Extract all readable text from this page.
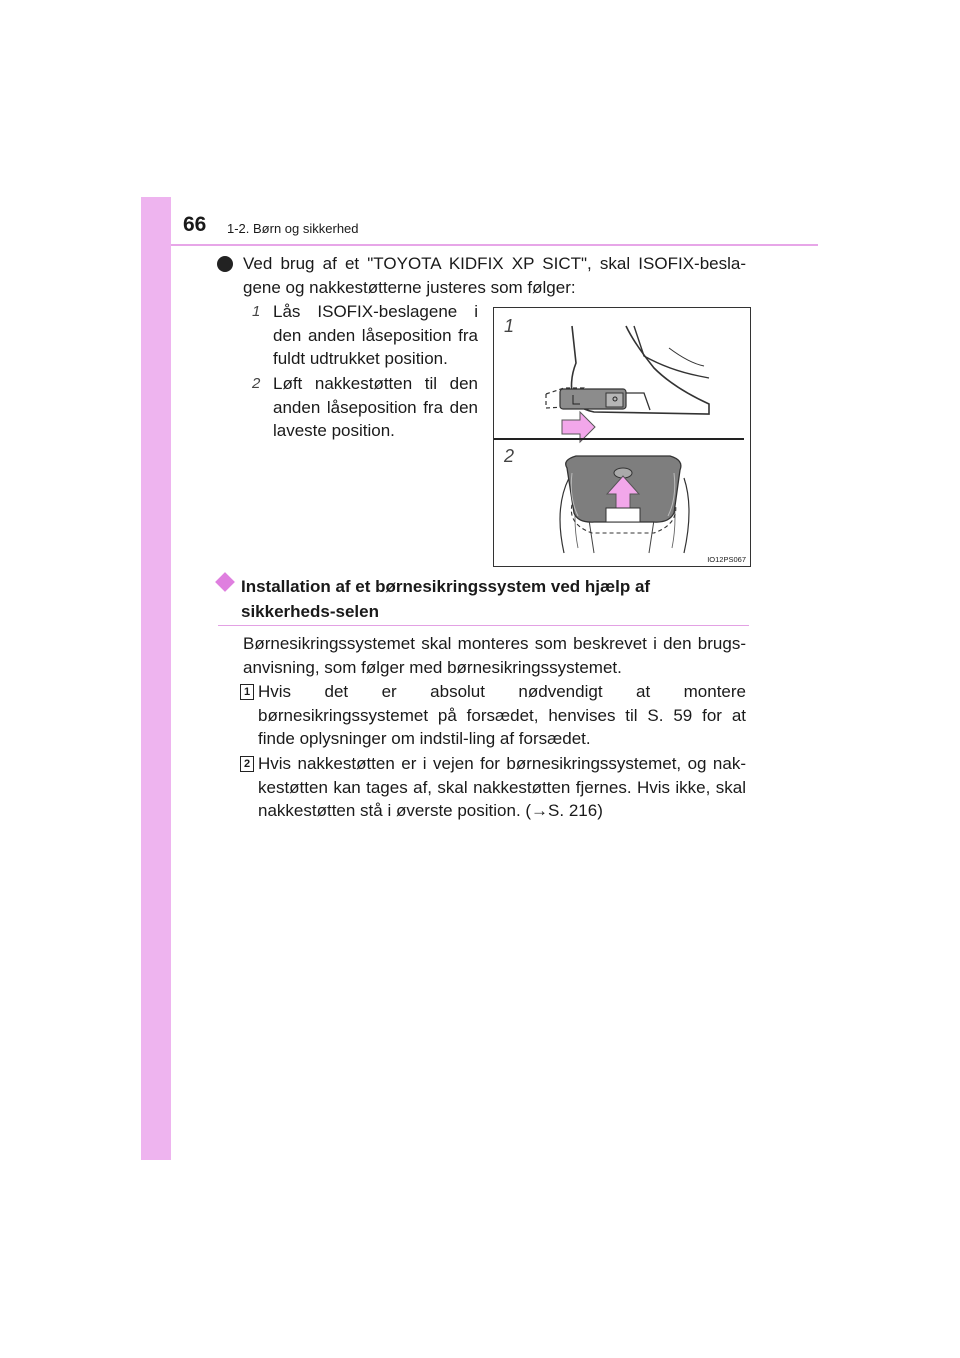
66 1-2. Børn og sikkerhed
Ved brug af et "TOYOTA KIDFIX XP SICT", skal ISOFIX-besla-gene og nakkestøtterne justeres som følger:
1 Lås ISOFIX-beslagene i den anden låseposition fra fuldt udtrukket position.
2 Løft nakkestøtten til den anden låseposition fra den laveste position.
1
2
IO12PS067
Installation af et børnesikringssystem ved hjælp af sikkerheds-selen
Børnesikringssystemet skal monteres som beskrevet i den brugs-anvisning, som følger med børnesikringssystemet.
1 Hvis det er absolut nødvendigt at montere børnesikringssystemet på forsædet, henvises til S. 59 for at finde oplysninger om indstil-ling af forsædet.
2 Hvis nakkestøtten er i vejen for børnesikringssystemet, og nak-kestøtten kan tages af, skal nakkestøtten fjernes. Hvis ikke, skal nakkestøtten stå i øverste position. (→S. 216)
